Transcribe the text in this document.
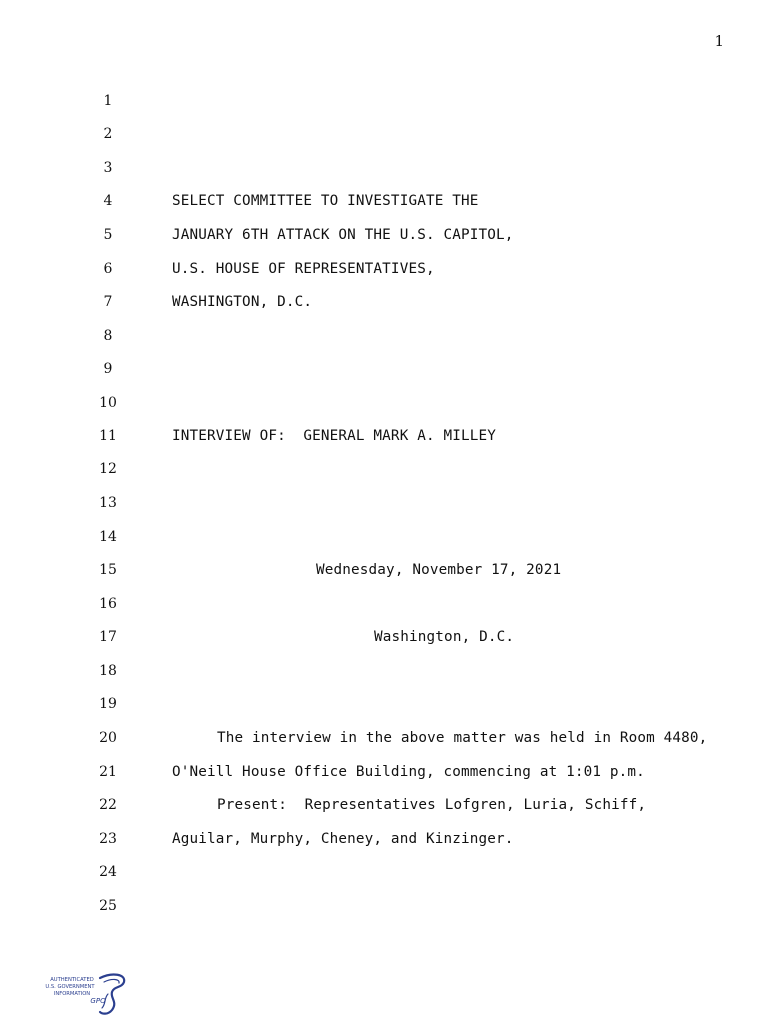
1
1
2
3
4	SELECT COMMITTEE TO INVESTIGATE THE
5	JANUARY 6TH ATTACK ON THE U.S. CAPITOL,
6	U.S. HOUSE OF REPRESENTATIVES,
7	WASHINGTON, D.C.
8
9
10
11	INTERVIEW OF:  GENERAL MARK A. MILLEY
12
13
14
15	Wednesday, November 17, 2021
16
17	Washington, D.C.
18
19
20	The interview in the above matter was held in Room 4480,
21	O'Neill House Office Building, commencing at 1:01 p.m.
22	Present:  Representatives Lofgren, Luria, Schiff,
23	Aguilar, Murphy, Cheney, and Kinzinger.
24
25
AUTHENTICATED
U.S. GOVERNMENT
INFORMATION
GPO
